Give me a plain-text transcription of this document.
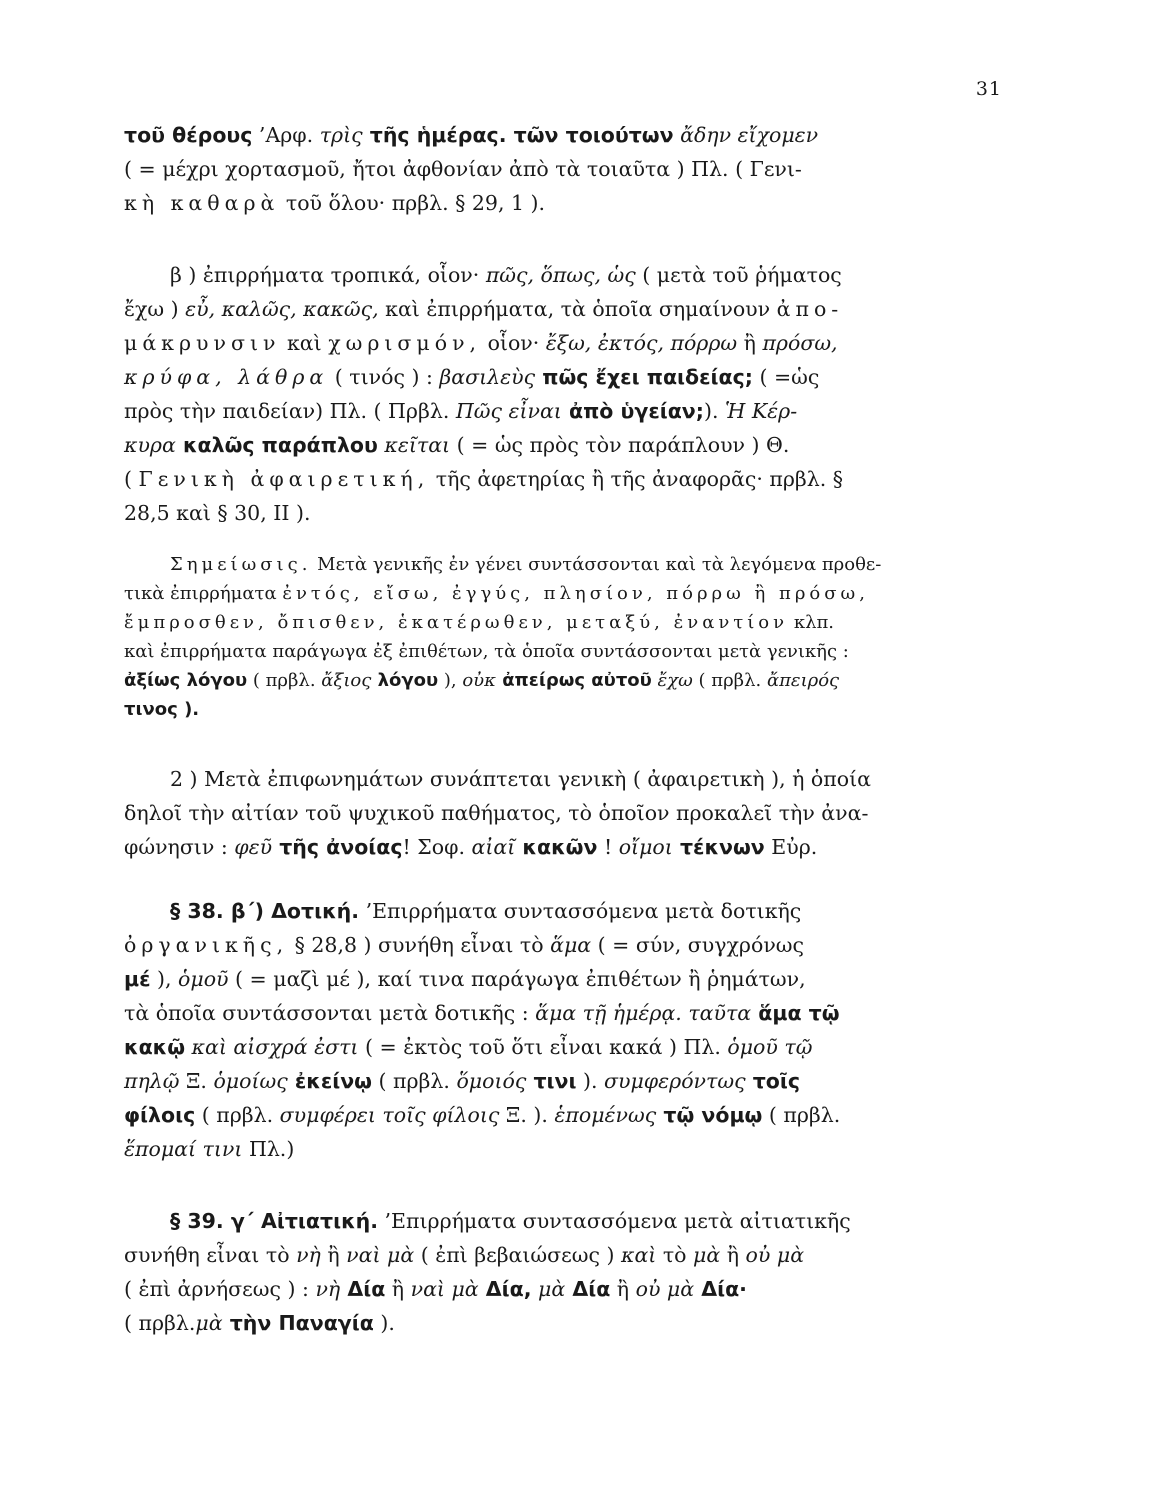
31
τοῦ θέρους ’Αρφ. τρὶς τῆς ἡμέρας. τῶν τοιούτων ἄδην εἴχομεν
( = μέχρι χορτασμοῦ, ἤτοι ἀφθονίαν ἀπὸ τὰ τοιαῦτα ) Πλ. ( Γενι-
κὴ καθαρὰ τοῦ ὅλου· πρβλ. § 29, 1 ).
β ) ἐπιρρήματα τροπικά, οἷον· πῶς, ὅπως, ὡς ( μετὰ τοῦ ῥήματος
ἔχω ) εὖ, καλῶς, κακῶς, καὶ ἐπιρρήματα, τὰ ὁποῖα σημαίνουν ἀπο-
μάκρυνσιν καὶ χωρισμόν, οἷον· ἔξω, ἐκτός, πόρρω ἢ πρόσω,
κρύφα, λάθρα ( τινός ) : βασιλεὺς πῶς ἔχει παιδείας; ( =ὡς
πρὸς τὴν παιδείαν) Πλ. ( Πρβλ. Πῶς εἶναι ἀπὸ ὑγείαν;). Ἡ Κέρ-
κυρα καλῶς παράπλου κεῖται ( = ὡς πρὸς τὸν παράπλουν ) Θ.
( Γενικὴ ἀφαιρετική, τῆς ἀφετηρίας ἢ τῆς ἀναφορᾶς· πρβλ. §
28,5 καὶ § 30, II ).
Σημείωσις. Μετὰ γενικῆς ἐν γένει συντάσσονται καὶ τὰ λεγόμενα προθε-
τικὰ ἐπιρρήματα ἐντός, εἴσω, ἐγγύς, πλησίον, πόρρω ἢ πρόσω,
ἔμπροσθεν, ὄπισθεν, ἑκατέρωθεν, μεταξύ, ἐναντίον κλπ.
καὶ ἐπιρρήματα παράγωγα ἐξ ἐπιθέτων, τὰ ὁποῖα συντάσσονται μετὰ γενικῆς :
ἀξίως λόγου ( πρβλ. ἄξιος λόγου ), οὐκ ἀπείρως αὐτοῦ ἔχω ( πρβλ. ἄπειρός
τινος ).
2 ) Μετὰ ἐπιφωνημάτων συνάπτεται γενικὴ ( ἀφαιρετικὴ ), ἡ ὁποία
δηλοῖ τὴν αἰτίαν τοῦ ψυχικοῦ παθήματος, τὸ ὁποῖον προκαλεῖ τὴν ἀνα-
φώνησιν : φεῦ τῆς ἀνοίας! Σοφ. αἰαῖ κακῶν ! οἴμοι τέκνων Εὐρ.
§ 38. β΄) Δοτική. ’Επιρρήματα συντασσόμενα μετὰ δοτικῆς
ὀργανικῆς, § 28,8 ) συνήθη εἶναι τὸ ἅμα ( = σύν, συγχρόνως
μέ ), ὁμοῦ ( = μαζὶ μέ ), καί τινα παράγωγα ἐπιθέτων ἢ ῥημάτων,
τὰ ὁποῖα συντάσσονται μετὰ δοτικῆς : ἅμα τῇ ἡμέρᾳ. ταῦτα ἅμα τῷ
κακῷ καὶ αἰσχρά ἐστι ( = ἐκτὸς τοῦ ὅτι εἶναι κακά ) Πλ. ὁμοῦ τῷ
πηλῷ Ξ. ὁμοίως ἐκείνῳ ( πρβλ. ὅμοιός τινι ). συμφερόντως τοῖς
φίλοις ( πρβλ. συμφέρει τοῖς φίλοις Ξ. ). ἑπομένως τῷ νόμῳ ( πρβλ.
ἕπομαί τινι Πλ.)
§ 39. γ΄ Αἰτιατική. ’Επιρρήματα συντασσόμενα μετὰ αἰτιατικῆς
συνήθη εἶναι τὸ νὴ ἢ ναὶ μὰ ( ἐπὶ βεβαιώσεως ) καὶ τὸ μὰ ἢ οὐ μὰ
( ἐπὶ ἀρνήσεως ) : νὴ Δία ἢ ναὶ μὰ Δία, μὰ Δία ἢ οὐ μὰ Δία·
( πρβλ.μὰ τὴν Παναγία ).
